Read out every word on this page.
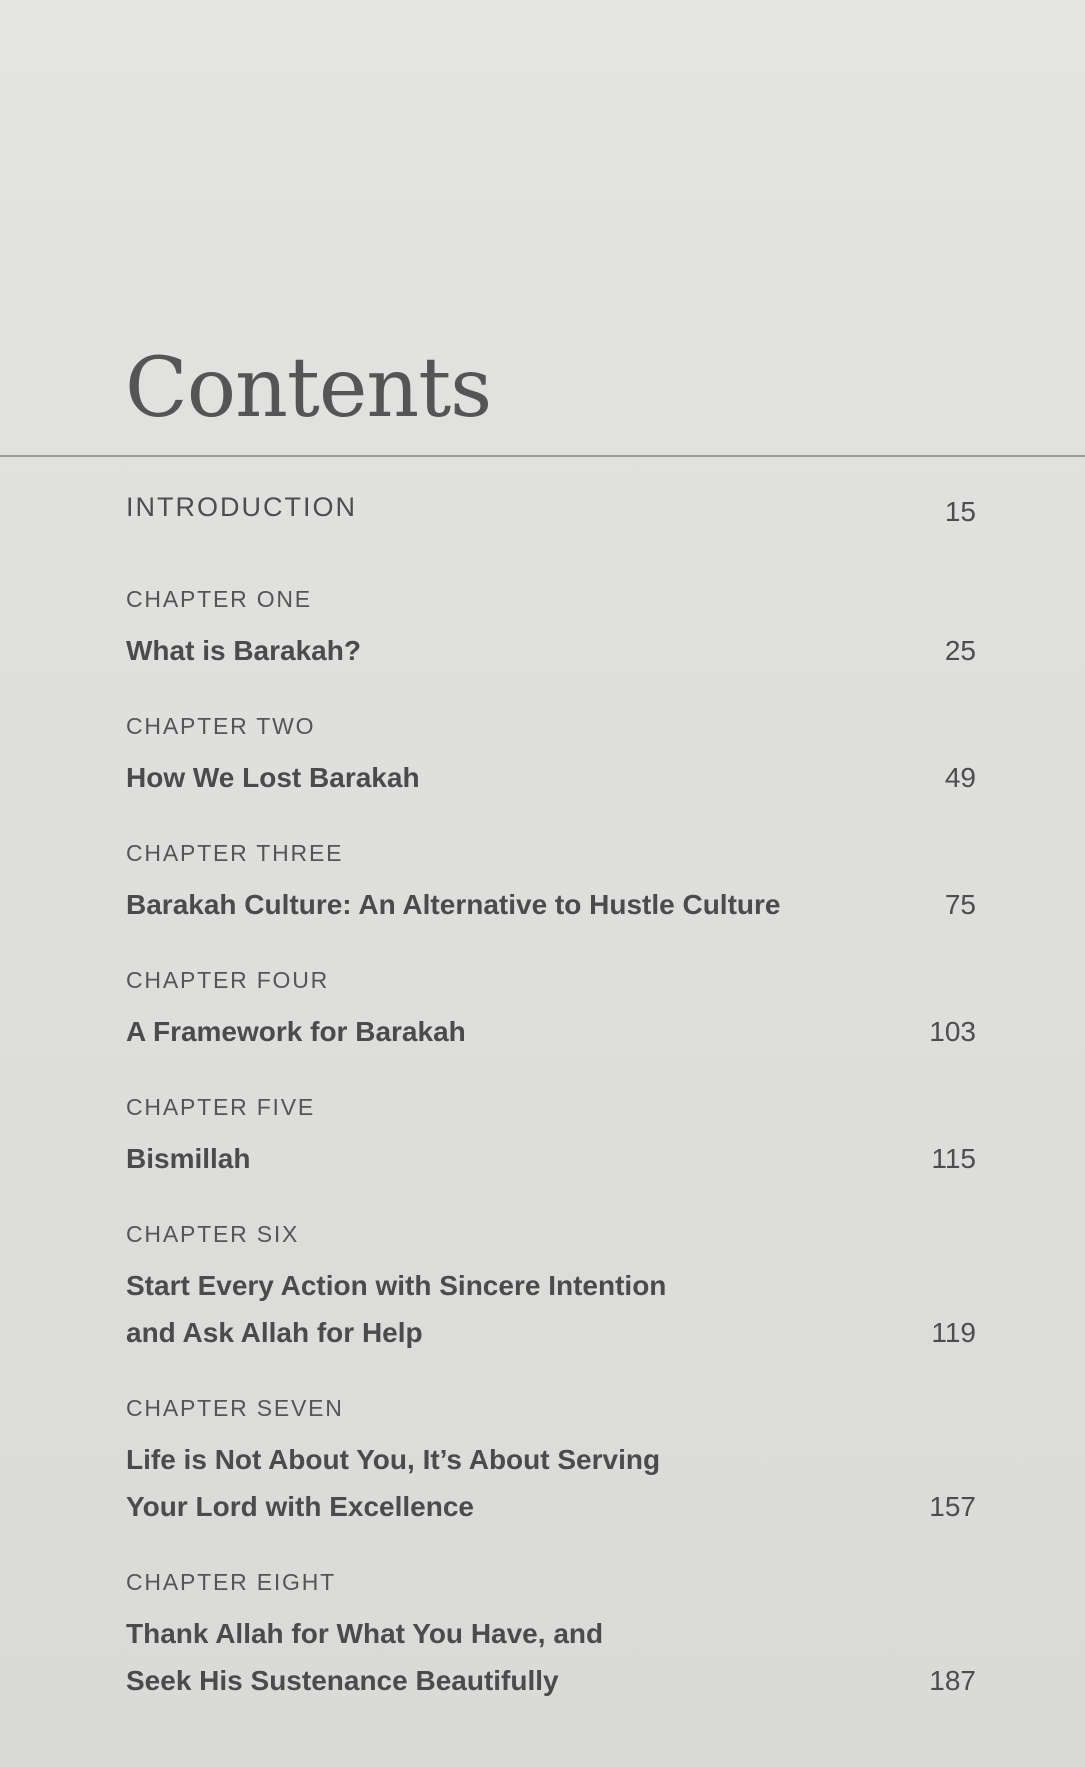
Contents
INTRODUCTION	15
CHAPTER ONE
What is Barakah?	25
CHAPTER TWO
How We Lost Barakah	49
CHAPTER THREE
Barakah Culture: An Alternative to Hustle Culture	75
CHAPTER FOUR
A Framework for Barakah	103
CHAPTER FIVE
Bismillah	115
CHAPTER SIX
Start Every Action with Sincere Intention
and Ask Allah for Help	119
CHAPTER SEVEN
Life is Not About You, It’s About Serving
Your Lord with Excellence	157
CHAPTER EIGHT
Thank Allah for What You Have, and
Seek His Sustenance Beautifully	187
